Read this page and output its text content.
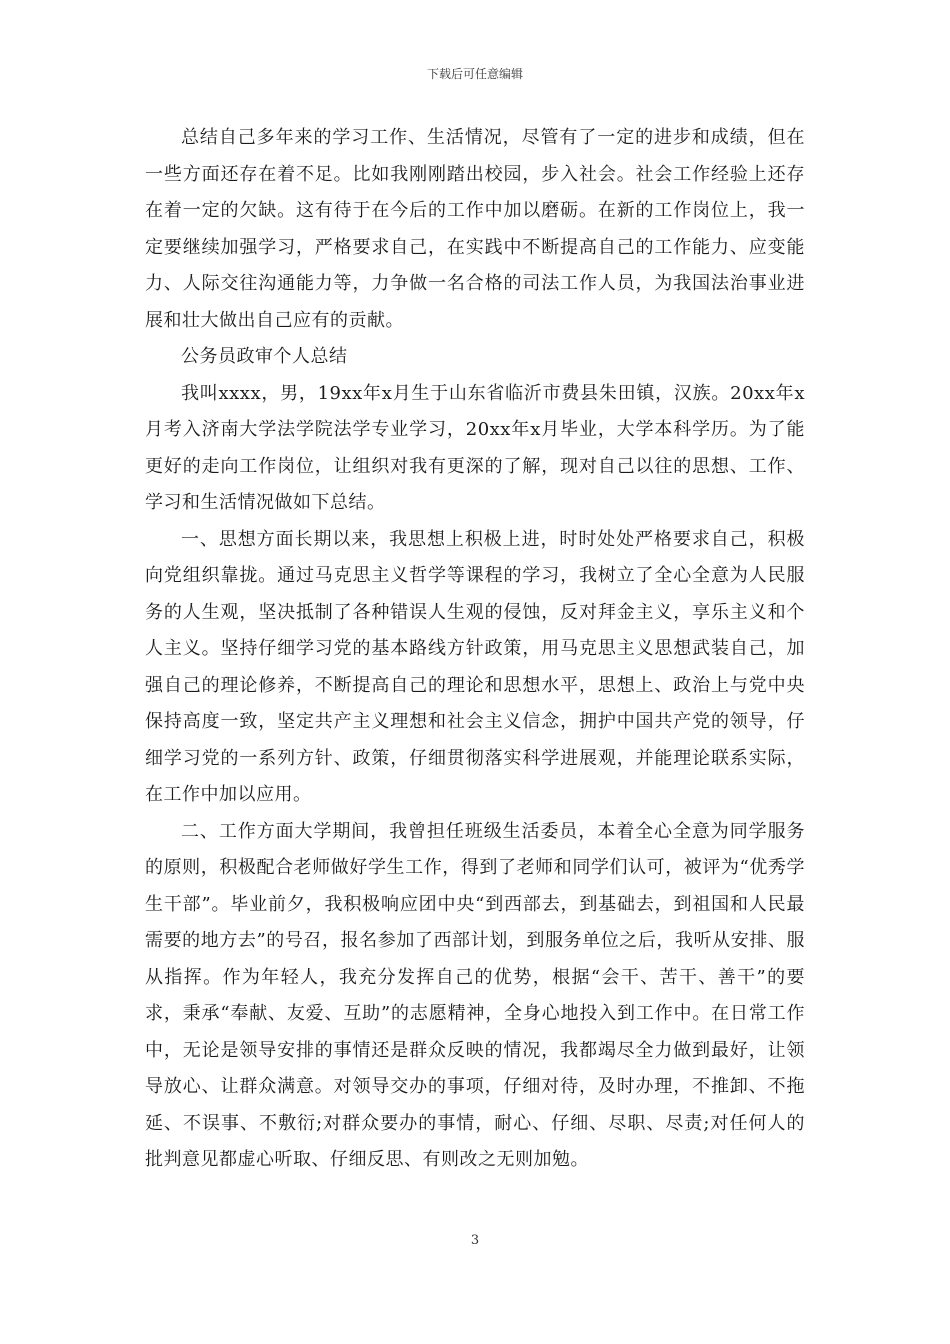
下载后可任意编辑

总结自己多年来的学习工作、生活情况，尽管有了一定的进步和成绩，但在一些方面还存在着不足。比如我刚刚踏出校园，步入社会。社会工作经验上还存在着一定的欠缺。这有待于在今后的工作中加以磨砺。在新的工作岗位上，我一定要继续加强学习，严格要求自己，在实践中不断提高自己的工作能力、应变能力、人际交往沟通能力等，力争做一名合格的司法工作人员，为我国法治事业进展和壮大做出自己应有的贡献。

公务员政审个人总结

我叫xxxx，男，19xx年x月生于山东省临沂市费县朱田镇，汉族。20xx年x月考入济南大学法学院法学专业学习，20xx年x月毕业，大学本科学历。为了能更好的走向工作岗位，让组织对我有更深的了解，现对自己以往的思想、工作、学习和生活情况做如下总结。

一、思想方面长期以来，我思想上积极上进，时时处处严格要求自己，积极向党组织靠拢。通过马克思主义哲学等课程的学习，我树立了全心全意为人民服务的人生观，坚决抵制了各种错误人生观的侵蚀，反对拜金主义，享乐主义和个人主义。坚持仔细学习党的基本路线方针政策，用马克思主义思想武装自己，加强自己的理论修养，不断提高自己的理论和思想水平，思想上、政治上与党中央保持高度一致，坚定共产主义理想和社会主义信念，拥护中国共产党的领导，仔细学习党的一系列方针、政策，仔细贯彻落实科学进展观，并能理论联系实际，在工作中加以应用。

二、工作方面大学期间，我曾担任班级生活委员，本着全心全意为同学服务的原则，积极配合老师做好学生工作，得到了老师和同学们认可，被评为“优秀学生干部”。毕业前夕，我积极响应团中央“到西部去，到基础去，到祖国和人民最需要的地方去”的号召，报名参加了西部计划，到服务单位之后，我听从安排、服从指挥。作为年轻人，我充分发挥自己的优势，根据“会干、苦干、善干”的要求，秉承“奉献、友爱、互助”的志愿精神，全身心地投入到工作中。在日常工作中，无论是领导安排的事情还是群众反映的情况，我都竭尽全力做到最好，让领导放心、让群众满意。对领导交办的事项，仔细对待，及时办理，不推卸、不拖延、不误事、不敷衍;对群众要办的事情，耐心、仔细、尽职、尽责;对任何人的批判意见都虚心听取、仔细反思、有则改之无则加勉。

3
